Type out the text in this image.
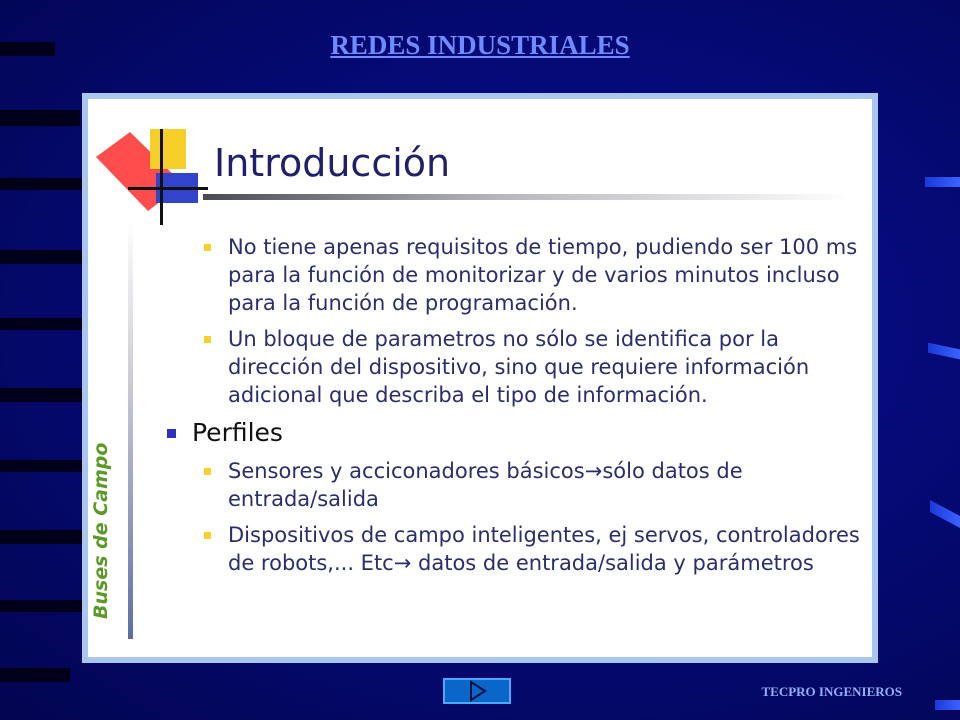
REDES INDUSTRIALES
Introducción
Buses de Campo
No tiene apenas requisitos de tiempo, pudiendo ser 100 ms para la función de monitorizar y de varios minutos incluso para la función de programación.
Un bloque de parametros no sólo se identifica por la dirección del dispositivo, sino que requiere información adicional que describa el tipo de información.
Perfiles
Sensores y acciconadores básicos→sólo datos de entrada/salida
Dispositivos de campo inteligentes, ej servos, controladores de robots,... Etc→ datos de entrada/salida y parámetros
TECPRO INGENIEROS
